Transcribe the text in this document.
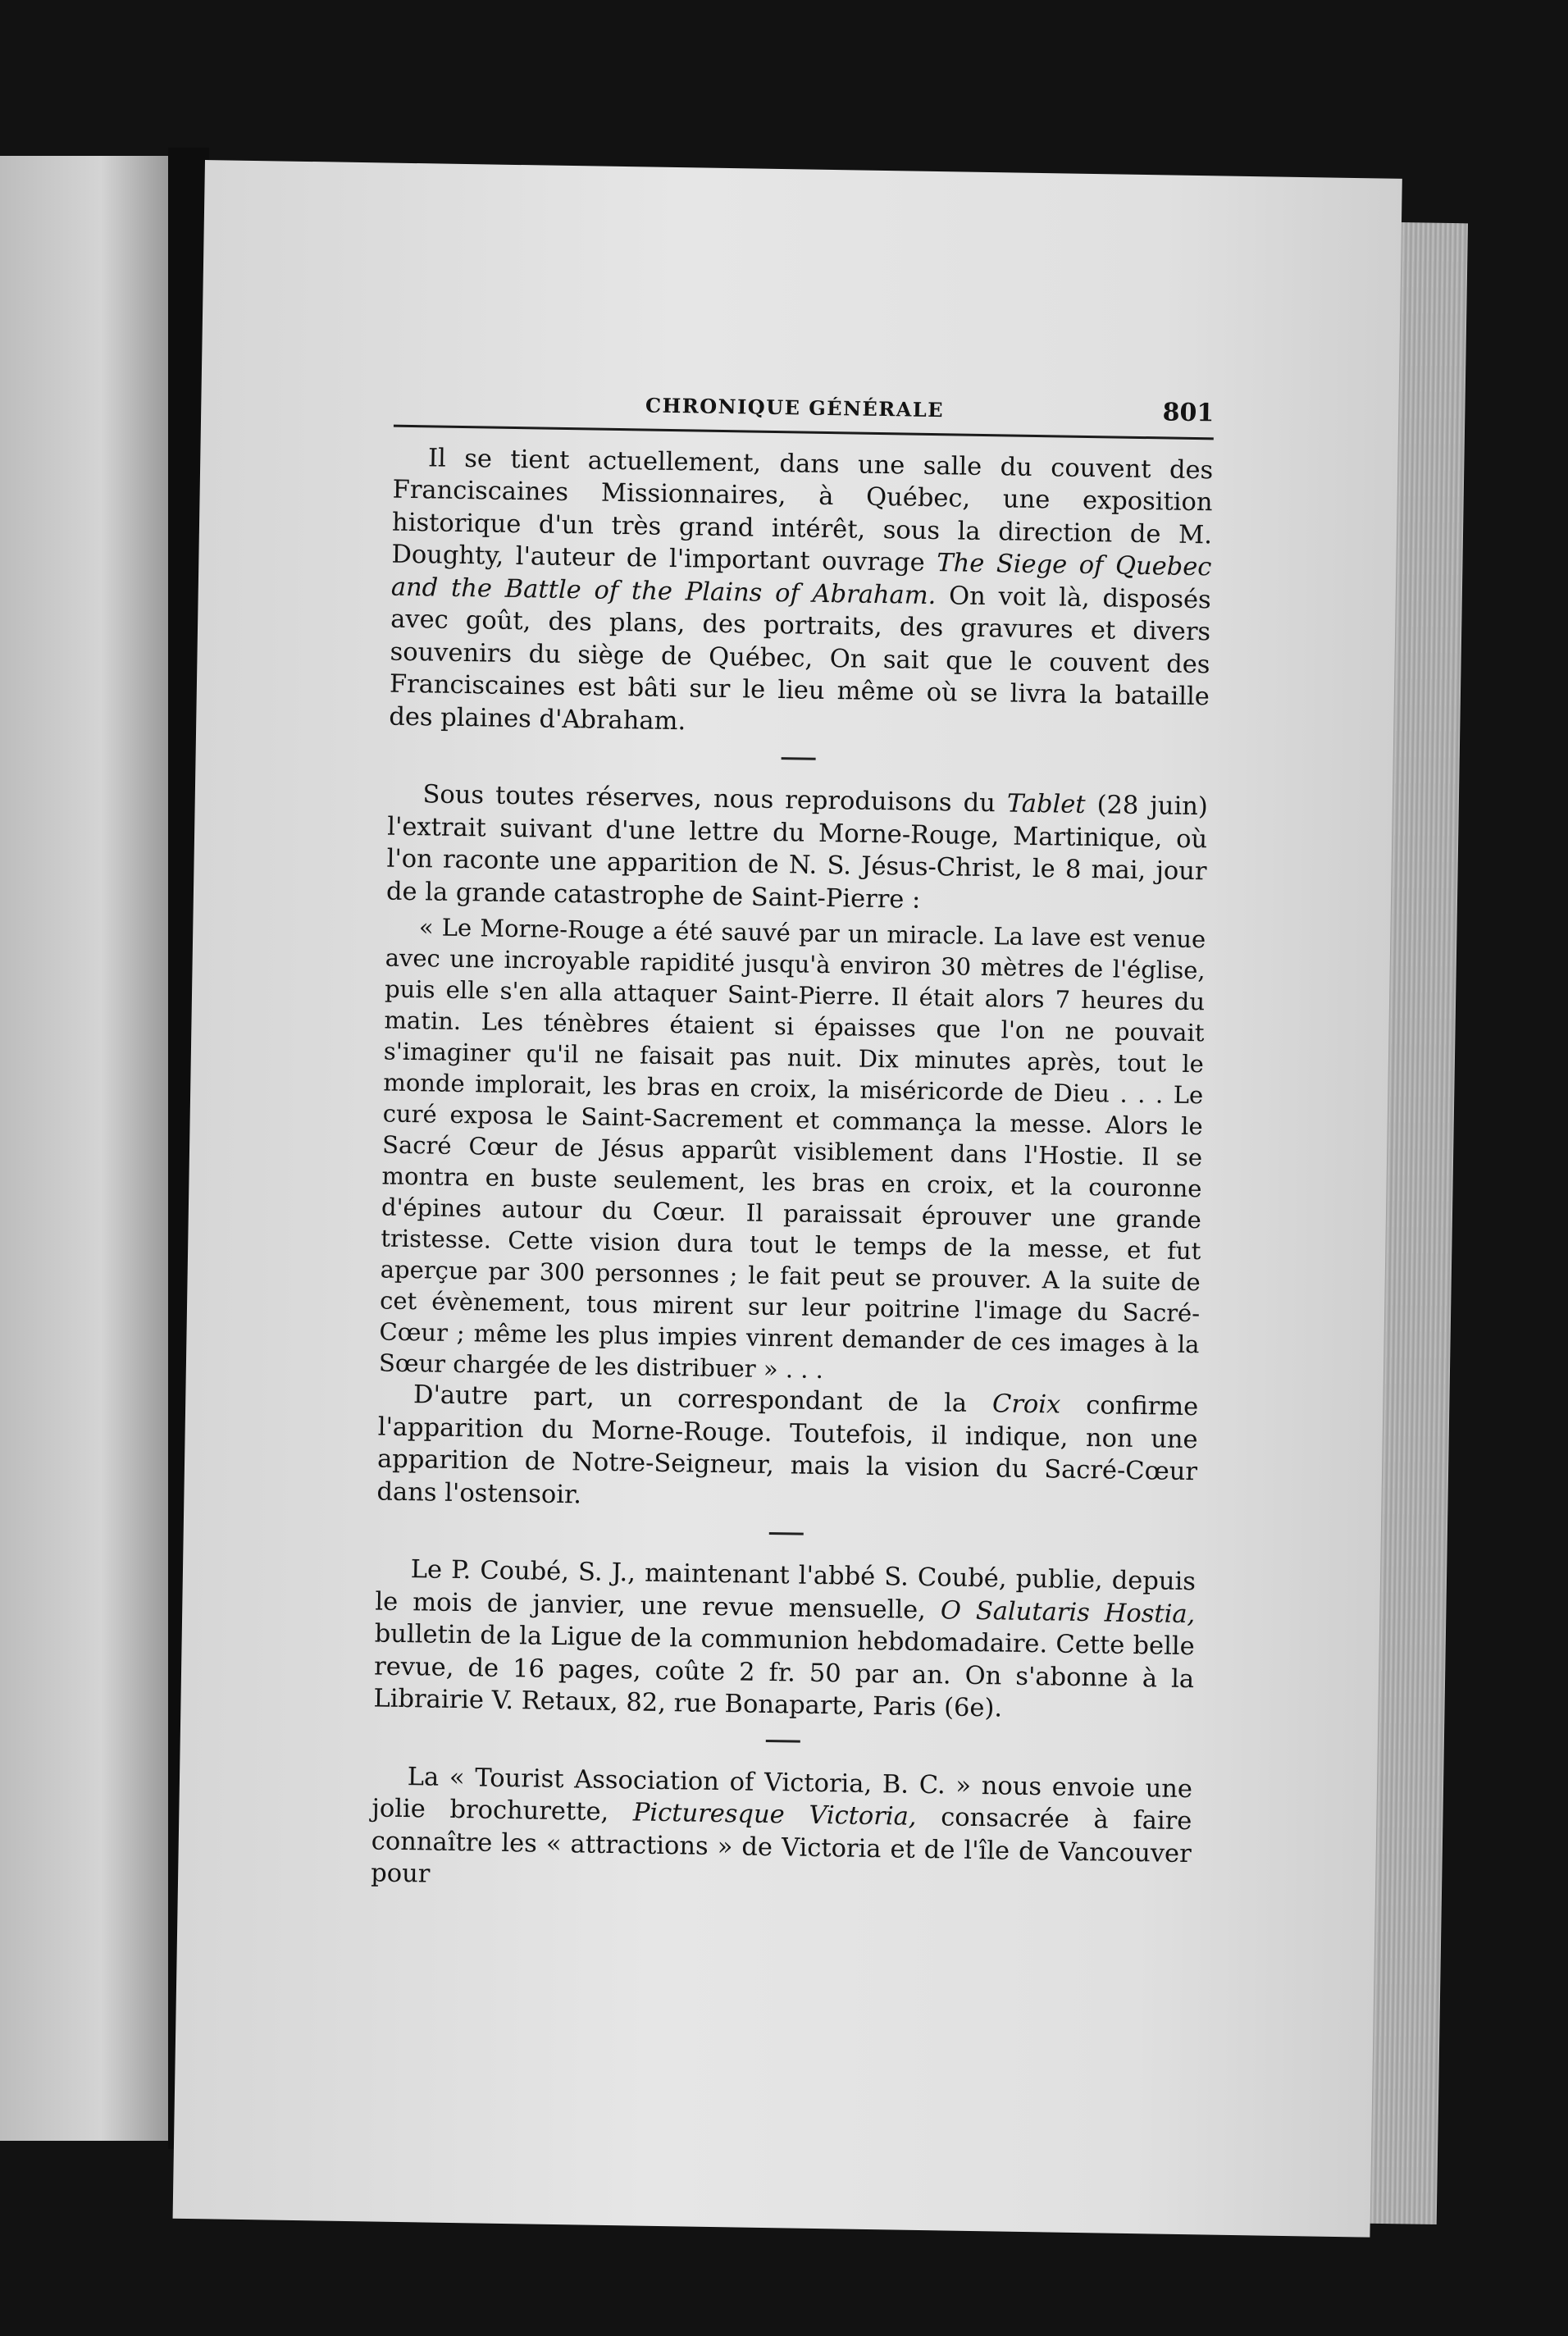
CHRONIQUE GÉNÉRALE	801

Il se tient actuellement, dans une salle du couvent des Franciscaines Missionnaires, à Québec, une exposition historique d'un très grand intérêt, sous la direction de M. Doughty, l'auteur de l'important ouvrage The Siege of Quebec and the Battle of the Plains of Abraham. On voit là, disposés avec goût, des plans, des portraits, des gravures et divers souvenirs du siège de Québec, On sait que le couvent des Franciscaines est bâti sur le lieu même où se livra la bataille des plaines d'Abraham.

Sous toutes réserves, nous reproduisons du Tablet (28 juin) l'extrait suivant d'une lettre du Morne-Rouge, Martinique, où l'on raconte une apparition de N. S. Jésus-Christ, le 8 mai, jour de la grande catastrophe de Saint-Pierre :

« Le Morne-Rouge a été sauvé par un miracle. La lave est venue avec une incroyable rapidité jusqu'à environ 30 mètres de l'église, puis elle s'en alla attaquer Saint-Pierre. Il était alors 7 heures du matin. Les ténèbres étaient si épaisses que l'on ne pouvait s'imaginer qu'il ne faisait pas nuit. Dix minutes après, tout le monde implorait, les bras en croix, la miséricorde de Dieu . . . Le curé exposa le Saint-Sacrement et commança la messe. Alors le Sacré Cœur de Jésus apparût visiblement dans l'Hostie. Il se montra en buste seulement, les bras en croix, et la couronne d'épines autour du Cœur. Il paraissait éprouver une grande tristesse. Cette vision dura tout le temps de la messe, et fut aperçue par 300 personnes ; le fait peut se prouver. A la suite de cet évènement, tous mirent sur leur poitrine l'image du Sacré-Cœur ; même les plus impies vinrent demander de ces images à la Sœur chargée de les distribuer » . . .

D'autre part, un correspondant de la Croix confirme l'apparition du Morne-Rouge. Toutefois, il indique, non une apparition de Notre-Seigneur, mais la vision du Sacré-Cœur dans l'ostensoir.

Le P. Coubé, S. J., maintenant l'abbé S. Coubé, publie, depuis le mois de janvier, une revue mensuelle, O Salutaris Hostia, bulletin de la Ligue de la communion hebdomadaire. Cette belle revue, de 16 pages, coûte 2 fr. 50 par an. On s'abonne à la Librairie V. Retaux, 82, rue Bonaparte, Paris (6e).

La « Tourist Association of Victoria, B. C. » nous envoie une jolie brochurette, Picturesque Victoria, consacrée à faire connaître les « attractions » de Victoria et de l'île de Vancouver pour
